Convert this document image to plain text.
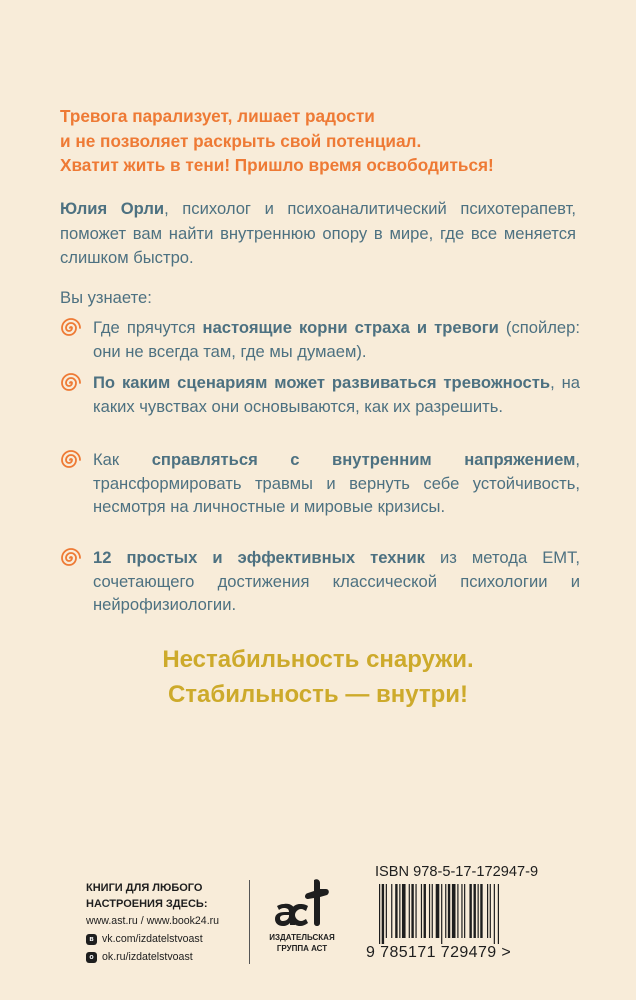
Тревога парализует, лишает радости
и не позволяет раскрыть свой потенциал.
Хватит жить в тени! Пришло время освободиться!

Юлия Орли, психолог и психоаналитический психотерапевт, поможет вам найти внутреннюю опору в мире, где все меняется слишком быстро.

Вы узнаете:

Где прячутся настоящие корни страха и тревоги (спойлер: они не всегда там, где мы думаем).

По каким сценариям может развиваться тревожность, на каких чувствах они основываются, как их разрешить.

Как справляться с внутренним напряжением, трансформировать травмы и вернуть себе устойчивость, несмотря на личностные и мировые кризисы.

12 простых и эффективных техник из метода ЕМТ, сочетающего достижения классической психологии и нейрофизиологии.

Нестабильность снаружи.
Стабильность — внутри!

КНИГИ ДЛЯ ЛЮБОГО
НАСТРОЕНИЯ ЗДЕСЬ:

www.ast.ru / www.book24.ru

в vk.com/izdatelstvoast
о ok.ru/izdatelstvoast

ИЗДАТЕЛЬСКАЯ
ГРУППА АСТ

ISBN 978-5-17-172947-9

9 785171 729479 >
